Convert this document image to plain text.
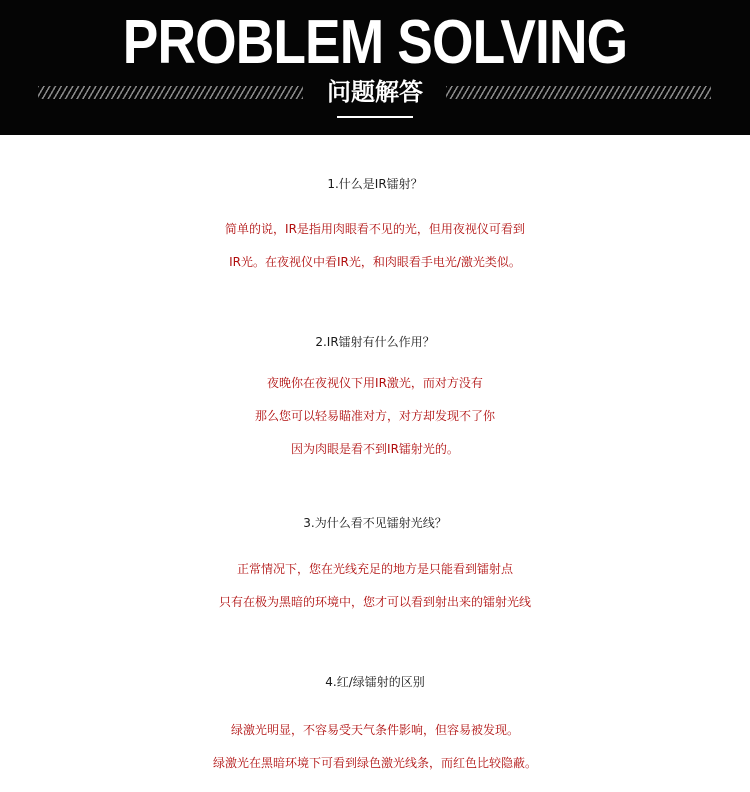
PROBLEM SOLVING
问题解答
1.什么是IR镭射？
简单的说，IR是指用肉眼看不见的光，但用夜视仪可看到
IR光。在夜视仪中看IR光，和肉眼看手电光/激光类似。
2.IR镭射有什么作用？
夜晚你在夜视仪下用IR激光，而对方没有
那么您可以轻易瞄准对方，对方却发现不了你
因为肉眼是看不到IR镭射光的。
3.为什么看不见镭射光线？
正常情况下，您在光线充足的地方是只能看到镭射点
只有在极为黑暗的环境中，您才可以看到射出来的镭射光线
4.红/绿镭射的区别
绿激光明显，不容易受天气条件影响，但容易被发现。
绿激光在黑暗环境下可看到绿色激光线条，而红色比较隐蔽。
